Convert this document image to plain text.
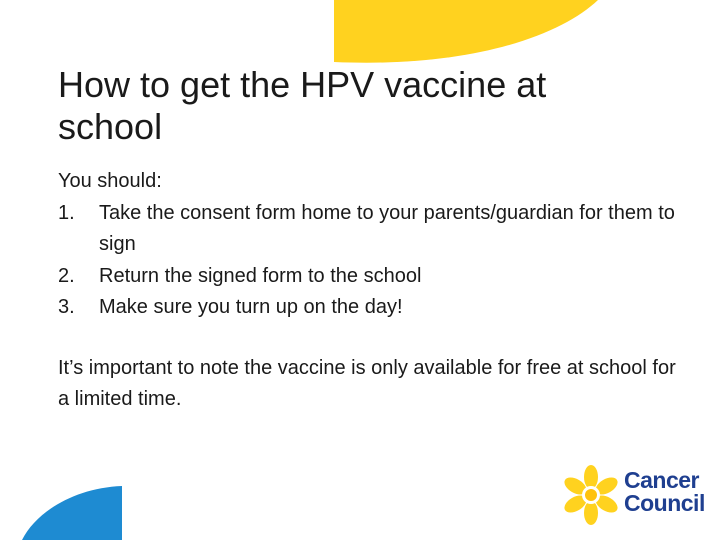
How to get the HPV vaccine at school

You should:

1.	Take the consent form home to your parents/guardian for them to sign
2.	Return the signed form to the school
3.	Make sure you turn up on the day!

It’s important to note the vaccine is only available for free at school for a limited time.

Cancer
Council
